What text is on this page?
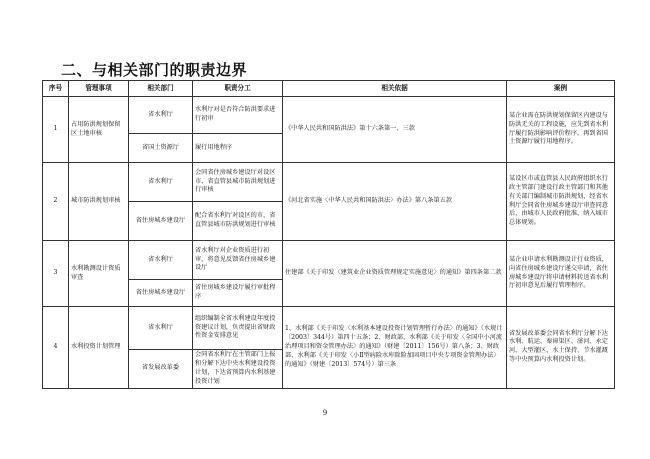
二、与相关部门的职责边界
序号	管理事项	相关部门	职责分工	相关依据	案例
1	占用防洪规划保留区土地审核	省水利厅	水利厅对是否符合防洪要求进行初审	《中华人民共和国防洪法》第十六条第一、三款	某企业需在防洪规划保留区内建设与防洪无关的工程设施，应先到省水利厅履行防洪影响评价程序，再到省国土资源厅履行用地程序。
		省国土资源厅	履行用地程序		
2	城市防洪规划审核	省水利厅	会同省住房城乡建设厅对设区市、省直管县城市防洪规划进行审核	《河北省实施〈中华人民共和国防洪法〉办法》第八条第五款	某设区市或直管县人民政府组织水行政主管部门建设行政主管部门和其他有关部门编制城市防洪规划，经省水利厅会同省住房城乡建设厅审查同意后，由城市人民政府批准，纳入城市总体规划。
		省住房城乡建设厅	配合省水利厅对设区的市、省直管县城市防洪规划进行审核		
3	水利勘测设计资质审查	省水利厅	省水利厅对企业资质进行初审，将意见反馈省住房城乡建设厅	住建部《关于印发〈建筑业企业资质管理规定实施意见〉的通知》第四条第二款	某企业申请水利勘测设计行业资质，向省住房城乡建设厅递交申请，省住房城乡建设厅将申请材料转送省水利厅初审意见后履行管理程序。
		省住房城乡建设厅	省住房城乡建设厅履行审批程序		
4	水利投资计划管理	省水利厅	组织编制全省水利建设年度投资建议计划，负责提出省财政性资金安排意见	1、水利部《关于印发〈水利基本建设投资计划管理暂行办法〉的通知》（水规计〔2003〕344号）第四十五条；2、财政部、水利部《关于印发〈全国中小河流治理项目和资金管理办法〉的通知》（财建〔2011〕156号）第八条；3、财政部、水利部《关于印发〈小Ⅱ型病险水库除险加固项目中央专项资金管理办法〉的通知》（财建〔2013〕574号）第三条	省发展改革委会同省水利厅分解下达水利、航运、秦漳渠区、滏河、永定河、大型灌区、水土保持、节水灌溉等中央预算内水利投资计划。
		省发展改革委	会同省水利厅在主管部门上报和分解下达中央水利建设投资计划，下达省预算内水利基建投资计划		
9
